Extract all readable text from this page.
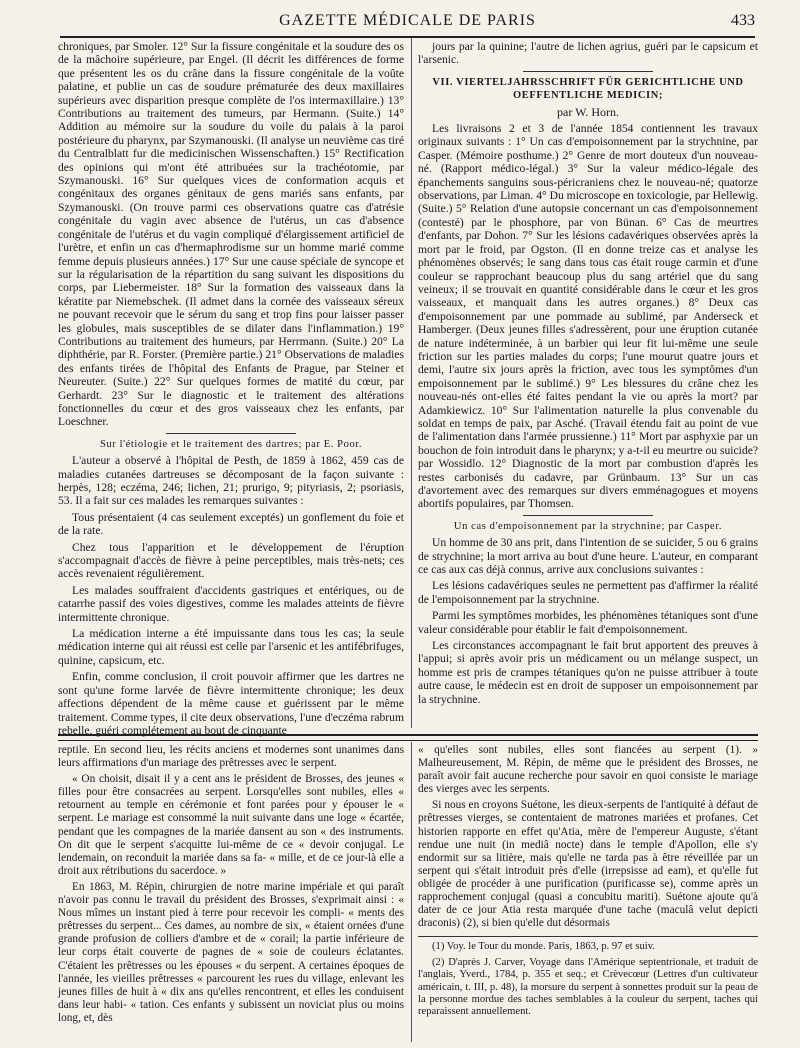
GAZETTE MÉDICALE DE PARIS	433

chroniques, par Smoler. 12° Sur la fissure congénitale et la soudure des os de la mâchoire supérieure, par Engel. (Il décrit les différences de forme que présentent les os du crâne dans la fissure congénitale de la voûte palatine, et publie un cas de soudure prématurée des deux maxillaires supérieurs avec disparition presque complète de l'os intermaxillaire.) 13° Contributions au traitement des tumeurs, par Hermann. (Suite.) 14° Addition au mémoire sur la soudure du voile du palais à la paroi postérieure du pharynx, par Szymanouski. (Il analyse un neuvième cas tiré du Centralblatt fur die medicinischen Wissenschaften.) 15° Rectification des opinions qui m'ont été attribuées sur la trachéotomie, par Szymanouski. 16° Sur quelques vices de conformation acquis et congénitaux des organes génitaux de gens mariés sans enfants, par Szymanouski. (On trouve parmi ces observations quatre cas d'atrésie congénitale du vagin avec absence de l'utérus, un cas d'absence congénitale de l'utérus et du vagin compliqué d'élargissement artificiel de l'urètre, et enfin un cas d'hermaphrodisme sur un homme marié comme femme depuis plusieurs années.) 17° Sur une cause spéciale de syncope et sur la régularisation de la répartition du sang suivant les dispositions du corps, par Liebermeister. 18° Sur la formation des vaisseaux dans la kératite par Niemebschek. (Il admet dans la cornée des vaisseaux séreux ne pouvant recevoir que le sérum du sang et trop fins pour laisser passer les globules, mais susceptibles de se dilater dans l'inflammation.) 19° Contributions au traitement des humeurs, par Herrmann. (Suite.) 20° La diphthérie, par R. Forster. (Première partie.) 21° Observations de maladies des enfants tirées de l'hôpital des Enfants de Prague, par Steiner et Neureuter. (Suite.) 22° Sur quelques formes de matité du cœur, par Gerhardt. 23° Sur le diagnostic et le traitement des altérations fonctionnelles du cœur et des gros vaisseaux chez les enfants, par Loeschner.

Sur l'étiologie et le traitement des dartres; par E. Poor.

L'auteur a observé à l'hôpital de Pesth, de 1859 à 1862, 459 cas de maladies cutanées dartreuses se décomposant de la façon suivante : herpès, 128; eczéma, 246; lichen, 21; prurigo, 9; pityriasis, 2; psoriasis, 53. Il a fait sur ces malades les remarques suivantes :

Tous présentaient (4 cas seulement exceptés) un gonflement du foie et de la rate.

Chez tous l'apparition et le développement de l'éruption s'accompagnait d'accès de fièvre à peine perceptibles, mais très-nets; ces accès revenaient régulièrement.

Les malades souffraient d'accidents gastriques et entériques, ou de catarrhe passif des voies digestives, comme les malades atteints de fièvre intermittente chronique.

La médication interne a été impuissante dans tous les cas; la seule médication interne qui ait réussi est celle par l'arsenic et les antifébrifuges, quinine, capsicum, etc.

Enfin, comme conclusion, il croit pouvoir affirmer que les dartres ne sont qu'une forme larvée de fièvre intermittente chronique; les deux affections dépendent de la même cause et guérissent par le même traitement. Comme types, il cite deux observations, l'une d'eczéma rabrum rebelle, guéri complétement au bout de cinquante

jours par la quinine; l'autre de lichen agrius, guéri par le capsicum et l'arsenic.

VII. VIERTELJAHRSSCHRIFT FÜR GERICHTLICHE UND OEFFENTLICHE MEDICIN;

par W. Horn.

Les livraisons 2 et 3 de l'année 1854 contiennent les travaux originaux suivants : 1° Un cas d'empoisonnement par la strychnine, par Casper. (Mémoire posthume.) 2° Genre de mort douteux d'un nouveau-né. (Rapport médico-légal.) 3° Sur la valeur médico-légale des épanchements sanguins sous-péricraniens chez le nouveau-né; quatorze observations, par Liman. 4° Du microscope en toxicologie, par Hellewig. (Suite.) 5° Relation d'une autopsie concernant un cas d'empoisonnement (contesté) par le phosphore, par von Bünan. 6° Cas de meurtres d'enfants, par Dohon. 7° Sur les lésions cadavériques observées après la mort par le froid, par Ogston. (Il en donne treize cas et analyse les phénomènes observés; le sang dans tous cas était rouge carmin et d'une couleur se rapprochant beaucoup plus du sang artériel que du sang veineux; il se trouvait en quantité considérable dans le cœur et les gros vaisseaux, et manquait dans les autres organes.) 8° Deux cas d'empoisonnement par une pommade au sublimé, par Anderseck et Hamberger. (Deux jeunes filles s'adressèrent, pour une éruption cutanée de nature indéterminée, à un barbier qui leur fit lui-même une seule friction sur les parties malades du corps; l'une mourut quatre jours et demi, l'autre six jours après la friction, avec tous les symptômes d'un empoisonnement par le sublimé.) 9° Les blessures du crâne chez les nouveau-nés ont-elles été faites pendant la vie ou après la mort? par Adamkiewicz. 10° Sur l'alimentation naturelle la plus convenable du soldat en temps de paix, par Asché. (Travail étendu fait au point de vue de l'alimentation dans l'armée prussienne.) 11° Mort par asphyxie par un bouchon de foin introduit dans le pharynx; y a-t-il eu meurtre ou suicide? par Wossidlo. 12° Diagnostic de la mort par combustion d'après les restes carbonisés du cadavre, par Grünbaum. 13° Sur un cas d'avortement avec des remarques sur divers emménagogues et moyens abortifs populaires, par Thomsen.

Un cas d'empoisonnement par la strychnine; par Casper.

Un homme de 30 ans prit, dans l'intention de se suicider, 5 ou 6 grains de strychnine; la mort arriva au bout d'une heure. L'auteur, en comparant ce cas aux cas déjà connus, arrive aux conclusions suivantes :

Les lésions cadavériques seules ne permettent pas d'affirmer la réalité de l'empoisonnement par la strychnine.

Parmi les symptômes morbides, les phénomènes tétaniques sont d'une valeur considérable pour établir le fait d'empoisonnement.

Les circonstances accompagnant le fait brut apportent des preuves à l'appui; si après avoir pris un médicament ou un mélange suspect, un homme est pris de crampes tétaniques qu'on ne puisse attribuer à toute autre cause, le médecin est en droit de supposer un empoisonnement par la strychnine.

reptile. En second lieu, les récits anciens et modernes sont unanimes dans leurs affirmations d'un mariage des prêtresses avec le serpent.

« On choisit, disait il y a cent ans le président de Brosses, des jeunes « filles pour être consacrées au serpent. Lorsqu'elles sont nubiles, elles « retournent au temple en cérémonie et font parées pour y épouser le « serpent. Le mariage est consommé la nuit suivante dans une loge « écartée, pendant que les compagnes de la mariée dansent au son « des instruments. On dit que le serpent s'acquitte lui-même de ce « devoir conjugal. Le lendemain, on reconduit la mariée dans sa fa- « mille, et de ce jour-là elle a droit aux rétributions du sacerdoce. »

En 1863, M. Répin, chirurgien de notre marine impériale et qui paraît n'avoir pas connu le travail du président des Brosses, s'exprimait ainsi : « Nous mîmes un instant pied à terre pour recevoir les compli- « ments des prêtresses du serpent... Ces dames, au nombre de six, « étaient ornées d'une grande profusion de colliers d'ambre et de « corail; la partie inférieure de leur corps était couverte de pagnes de « soie de couleurs éclatantes. C'étaient les prêtresses ou les épouses « du serpent. A certaines époques de l'année, les vieilles prêtresses « parcourent les rues du village, enlevant les jeunes filles de huit à « dix ans qu'elles rencontrent, et elles les conduisent dans leur habi- « tation. Ces enfants y subissent un noviciat plus ou moins long, et, dès

« qu'elles sont nubiles, elles sont fiancées au serpent (1). » Malheureusement, M. Répin, de même que le président des Brosses, ne paraît avoir fait aucune recherche pour savoir en quoi consiste le mariage des vierges avec les serpents.

Si nous en croyons Suétone, les dieux-serpents de l'antiquité à défaut de prêtresses vierges, se contentaient de matrones mariées et profanes. Cet historien rapporte en effet qu'Atia, mère de l'empereur Auguste, s'étant rendue une nuit (in mediâ nocte) dans le temple d'Apollon, elle s'y endormit sur sa litière, mais qu'elle ne tarda pas à être réveillée par un serpent qui s'était introduit près d'elle (irrepsisse ad eam), et qu'elle fut obligée de procéder à une purification (purificasse se), comme après un rapprochement conjugal (quasi a concubitu mariti). Suétone ajoute qu'à dater de ce jour Atia resta marquée d'une tache (maculâ velut depicti draconis) (2), si bien qu'elle dut désormais

(1) Voy. le Tour du monde. Paris, 1863, p. 97 et suiv.

(2) D'après J. Carver, Voyage dans l'Amérique septentrionale, et traduit de l'anglais, Yverd., 1784, p. 355 et seq.; et Crèvecœur (Lettres d'un cultivateur américain, t. III, p. 48), la morsure du serpent à sonnettes produit sur la peau de la personne mordue des taches semblables à la couleur du serpent, taches qui reparaissent annuellement.
